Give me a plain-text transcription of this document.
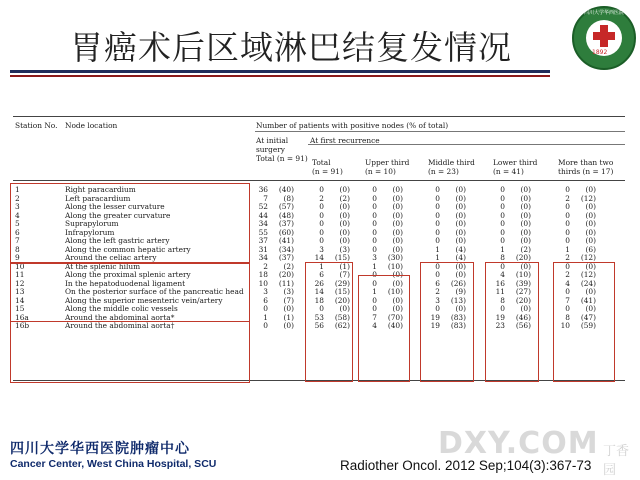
胃癌术后区域淋巴结复发情况
四川大学华西医院
1892
Station No. Node location	Number of patients with positive nodes (% of total)
At initial
surgery
Total (n = 91)
At first recurrence
Total
(n = 91)
Upper third
(n = 10)
Middle third
(n = 23)
Lower third
(n = 41)
More than two
thirds (n = 17)
1	Right paracardium	36	(40)	0	(0)	0	(0)	0	(0)	0	(0)	0	(0)
2	Left paracardium	7	(8)	2	(2)	0	(0)	0	(0)	0	(0)	2	(12)
3	Along the lesser curvature	52	(57)	0	(0)	0	(0)	0	(0)	0	(0)	0	(0)
4	Along the greater curvature	44	(48)	0	(0)	0	(0)	0	(0)	0	(0)	0	(0)
5	Suprapylorum	34	(37)	0	(0)	0	(0)	0	(0)	0	(0)	0	(0)
6	Infrapylorum	55	(60)	0	(0)	0	(0)	0	(0)	0	(0)	0	(0)
7	Along the left gastric artery	37	(41)	0	(0)	0	(0)	0	(0)	0	(0)	0	(0)
8	Along the common hepatic artery	31	(34)	3	(3)	0	(0)	1	(4)	1	(2)	1	(6)
9	Around the celiac artery	34	(37)	14	(15)	3	(30)	1	(4)	8	(20)	2	(12)
10	At the splenic hilum	2	(2)	1	(1)	1	(10)	0	(0)	0	(0)	0	(0)
11	Along the proximal splenic artery	18	(20)	6	(7)	0	(0)	0	(0)	4	(10)	2	(12)
12	In the hepatoduodenal ligament	10	(11)	26	(29)	0	(0)	6	(26)	16	(39)	4	(24)
13	On the posterior surface of the pancreatic head	3	(3)	14	(15)	1	(10)	2	(9)	11	(27)	0	(0)
14	Along the superior mesenteric vein/artery	6	(7)	18	(20)	0	(0)	3	(13)	8	(20)	7	(41)
15	Along the middle colic vessels	0	(0)	0	(0)	0	(0)	0	(0)	0	(0)	0	(0)
16a	Around the abdominal aorta*	1	(1)	53	(58)	7	(70)	19	(83)	19	(46)	8	(47)
16b	Around the abdominal aorta†	0	(0)	56	(62)	4	(40)	19	(83)	23	(56)	10	(59)
DXY.COM 丁香园
四川大学华西医院肿瘤中心
Cancer Center, West China Hospital, SCU	Radiother Oncol. 2012 Sep;104(3):367-73
